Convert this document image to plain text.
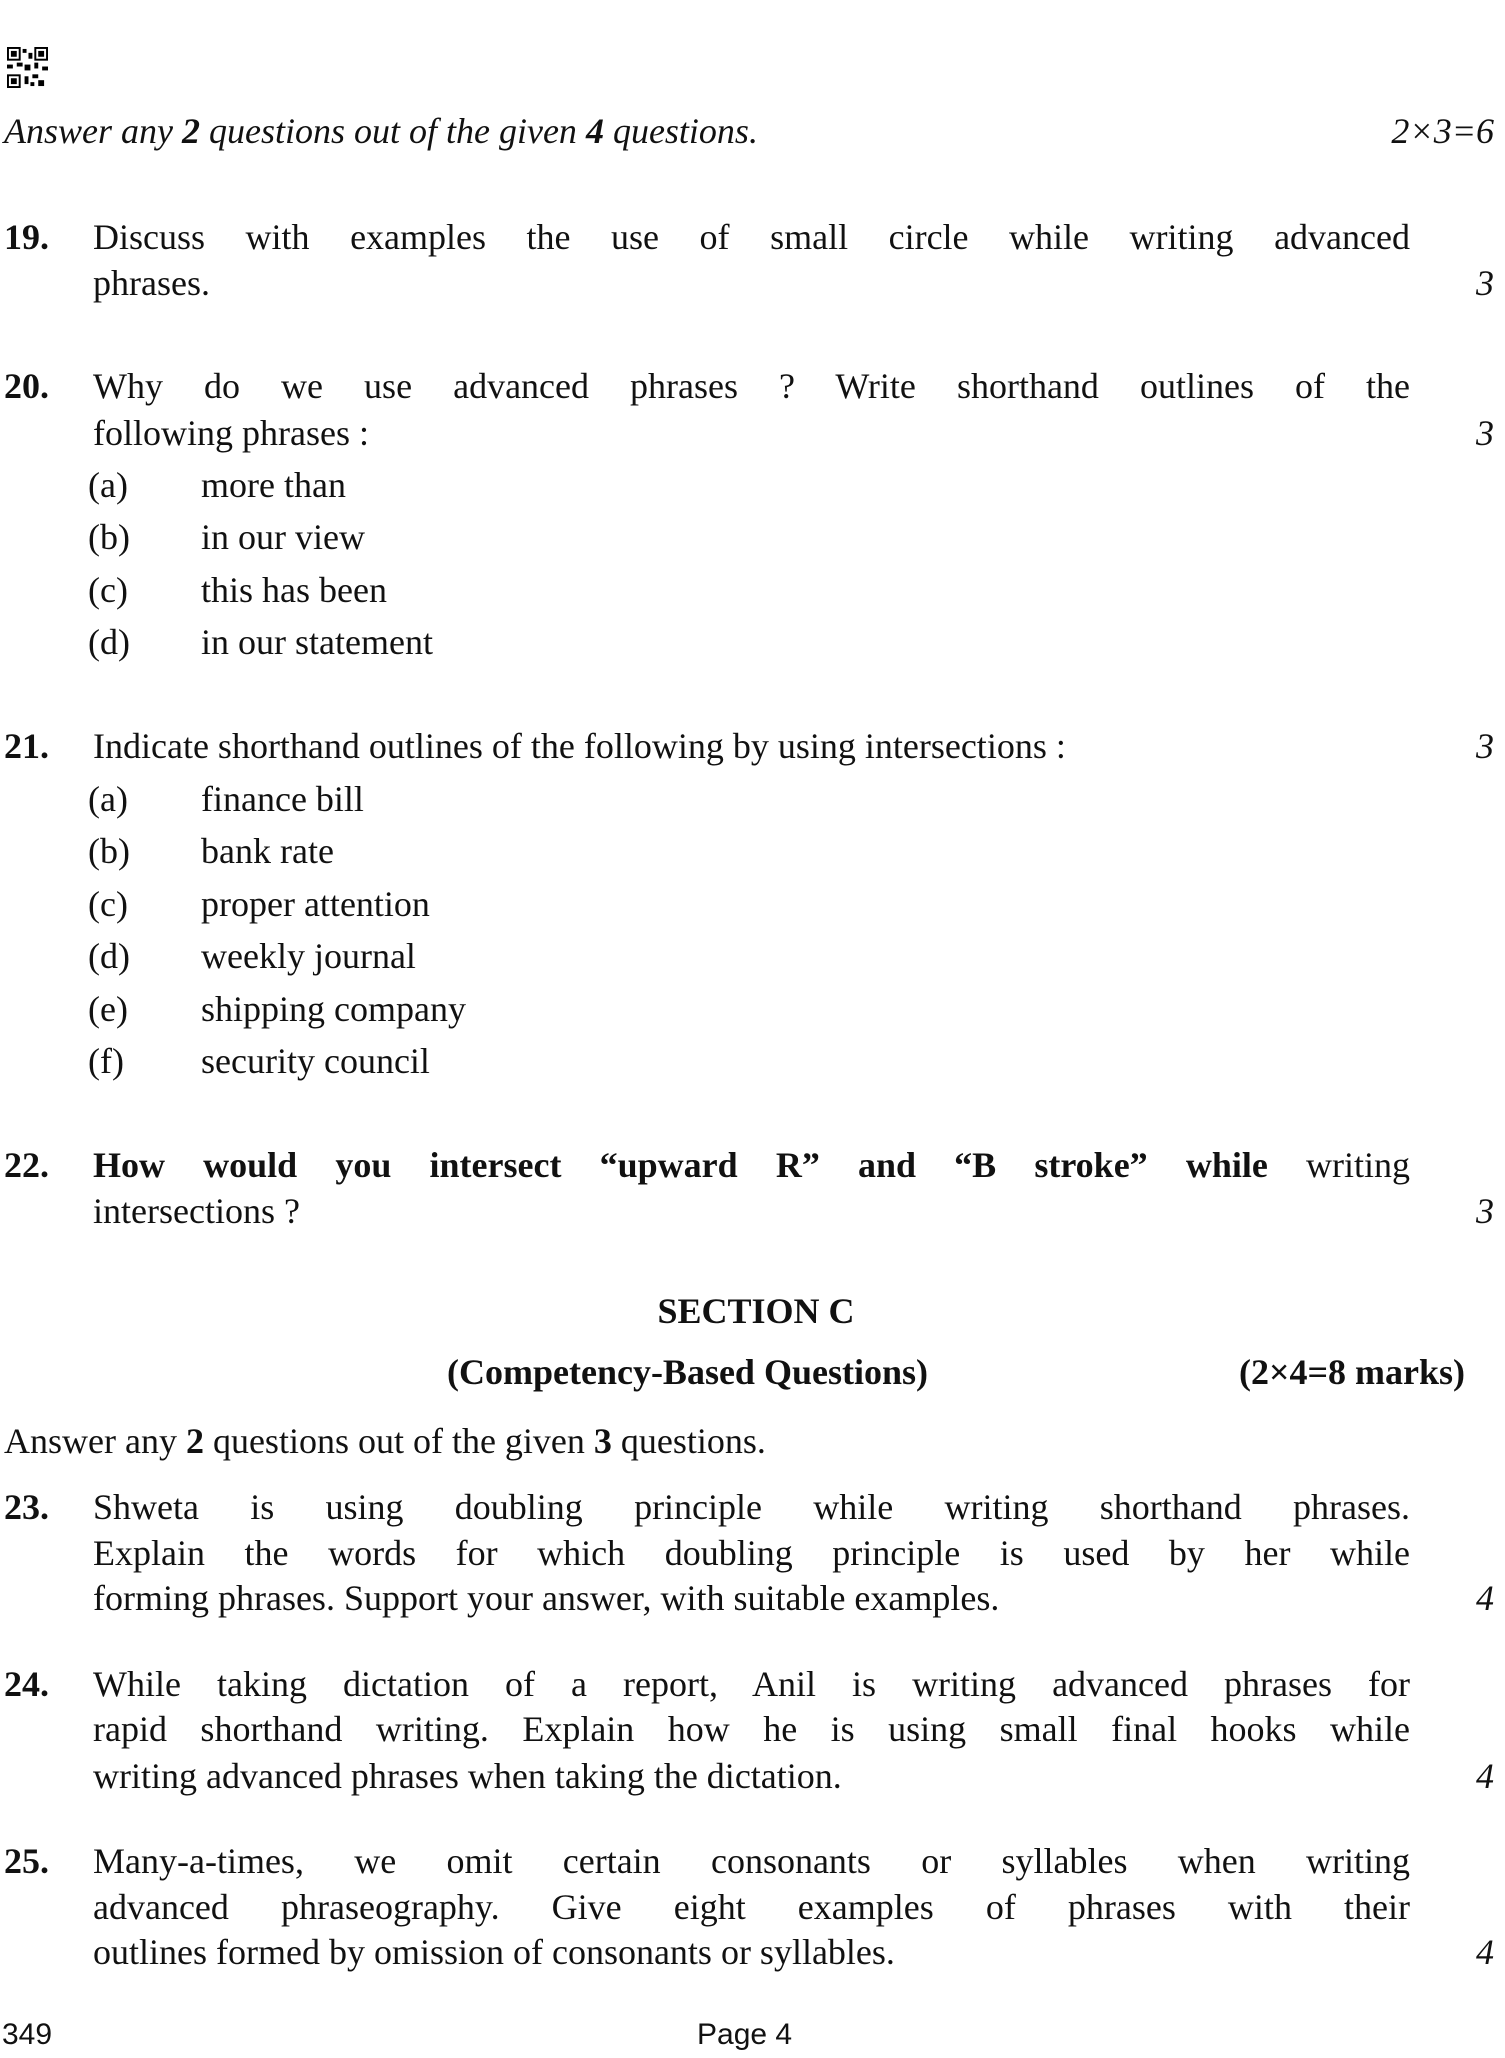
Answer any 2 questions out of the given 4 questions.	2×3=6
19. Discuss with examples the use of small circle while writing advanced
phrases.	3
20. Why do we use advanced phrases ? Write shorthand outlines of the
following phrases :	3
(a) more than
(b) in our view
(c) this has been
(d) in our statement
21. Indicate shorthand outlines of the following by using intersections :	3
(a) finance bill
(b) bank rate
(c) proper attention
(d) weekly journal
(e) shipping company
(f) security council
22. How would you intersect “upward R” and “B stroke” while writing
intersections ?	3
SECTION C
(Competency-Based Questions)	(2×4=8 marks)
Answer any 2 questions out of the given 3 questions.
23. Shweta is using doubling principle while writing shorthand phrases.
Explain the words for which doubling principle is used by her while
forming phrases. Support your answer, with suitable examples.	4
24. While taking dictation of a report, Anil is writing advanced phrases for
rapid shorthand writing. Explain how he is using small final hooks while
writing advanced phrases when taking the dictation.	4
25. Many-a-times, we omit certain consonants or syllables when writing
advanced phraseography. Give eight examples of phrases with their
outlines formed by omission of consonants or syllables.	4
349	Page 4
